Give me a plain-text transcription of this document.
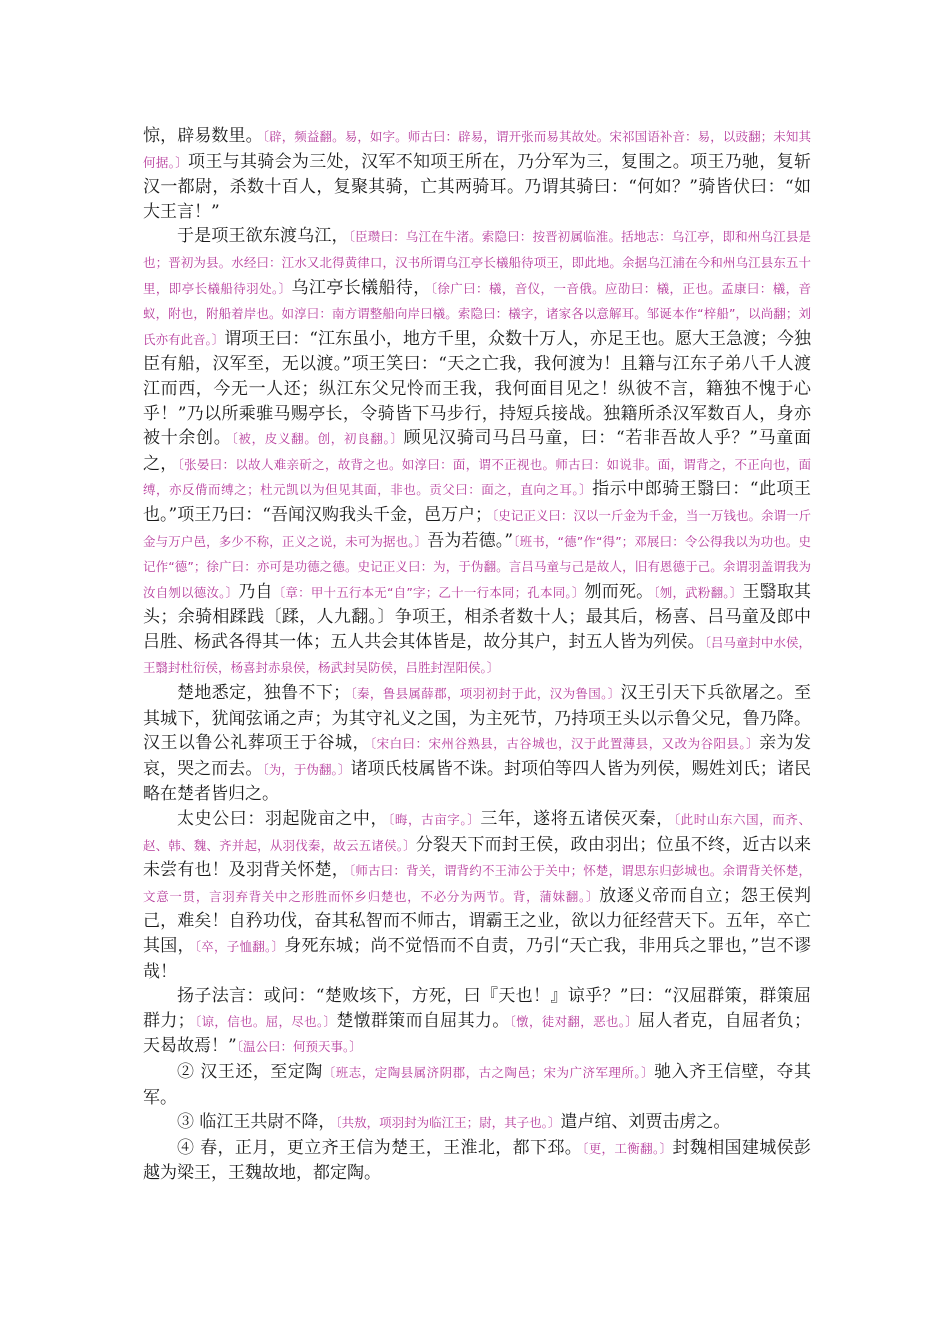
惊，辟易数里。〔辟，频益翻。易，如字。师古曰：辟易，谓开张而易其故处。宋祁国语补音：易，以豉翻；未知其何据。〕项王与其骑会为三处，汉军不知项王所在，乃分军为三，复围之。项王乃驰，复斩汉一都尉，杀数十百人，复聚其骑，亡其两骑耳。乃谓其骑曰：“何如？”骑皆伏曰：“如大王言！”

于是项王欲东渡乌江，〔臣瓒曰：乌江在牛渚。索隐曰：按晋初属临淮。括地志：乌江亭，即和州乌江县是也；晋初为县。水经曰：江水又北得黄律口，汉书所谓乌江亭长檥船待项王，即此地。余据乌江浦在今和州乌江县东五十里，即亭长檥船待羽处。〕乌江亭长檥船待，〔徐广曰：檥，音仪，一音俄。应劭曰：檥，正也。孟康曰：檥，音蚁，附也，附船着岸也。如淳曰：南方谓整船向岸曰檥。索隐曰：檥字，诸家各以意解耳。邹诞本作“梓船”，以尚翻；刘氏亦有此音。〕谓项王曰：“江东虽小，地方千里，众数十万人，亦足王也。愿大王急渡；今独臣有船，汉军至，无以渡。”项王笑曰：“天之亡我，我何渡为！且籍与江东子弟八千人渡江而西，今无一人还；纵江东父兄怜而王我，我何面目见之！纵彼不言，籍独不愧于心乎！”乃以所乘骓马赐亭长，令骑皆下马步行，持短兵接战。独籍所杀汉军数百人，身亦被十余创。〔被，皮义翻。创，初良翻。〕顾见汉骑司马吕马童，曰：“若非吾故人乎？”马童面之，〔张晏曰：以故人难亲斫之，故背之也。如淳曰：面，谓不正视也。师古曰：如说非。面，谓背之，不正向也，面缚，亦反偝而缚之；杜元凯以为但见其面，非也。贡父曰：面之，直向之耳。〕指示中郎骑王翳曰：“此项王也。”项王乃曰：“吾闻汉购我头千金，邑万户；〔史记正义曰：汉以一斤金为千金，当一万钱也。余谓一斤金与万户邑，多少不称，正义之说，未可为据也。〕吾为若德。”〔班书，“德”作“得”；邓展曰：令公得我以为功也。史记作“德”；徐广曰：亦可是功德之德。史记正义曰：为，于伪翻。言吕马童与己是故人，旧有恩德于己。余谓羽盖谓我为汝自刎以德汝。〕乃自〔章：甲十五行本无“自”字；乙十一行本同；孔本同。〕刎而死。〔刎，武粉翻。〕王翳取其头；余骑相蹂践〔蹂，人九翻。〕争项王，相杀者数十人；最其后，杨喜、吕马童及郎中吕胜、杨武各得其一体；五人共会其体皆是，故分其户，封五人皆为列侯。〔吕马童封中水侯，王翳封杜衍侯，杨喜封赤泉侯，杨武封吴防侯，吕胜封涅阳侯。〕

楚地悉定，独鲁不下；〔秦，鲁县属薛郡，项羽初封于此，汉为鲁国。〕汉王引天下兵欲屠之。至其城下，犹闻弦诵之声；为其守礼义之国，为主死节，乃持项王头以示鲁父兄，鲁乃降。汉王以鲁公礼葬项王于谷城，〔宋白曰：宋州谷熟县，古谷城也，汉于此置薄县，又改为谷阳县。〕亲为发哀，哭之而去。〔为，于伪翻。〕诸项氏枝属皆不诛。封项伯等四人皆为列侯，赐姓刘氏；诸民略在楚者皆归之。

太史公曰：羽起陇亩之中，〔晦，古亩字。〕三年，遂将五诸侯灭秦，〔此时山东六国，而齐、赵、韩、魏、齐并起，从羽伐秦，故云五诸侯。〕分裂天下而封王侯，政由羽出；位虽不终，近古以来未尝有也！及羽背关怀楚，〔师古曰：背关，谓背约不王沛公于关中；怀楚，谓思东归彭城也。余谓背关怀楚，文意一贯，言羽弃背关中之形胜而怀乡归楚也，不必分为两节。背，蒲妹翻。〕放逐义帝而自立；怨王侯判己，难矣！自矜功伐，奋其私智而不师古，谓霸王之业，欲以力征经营天下。五年，卒亡其国，〔卒，子恤翻。〕身死东城；尚不觉悟而不自责，乃引“天亡我，非用兵之罪也，”岂不谬哉！

扬子法言：或问：“楚败垓下，方死，曰『天也！』谅乎？”曰：“汉屈群策，群策屈群力；〔谅，信也。屈，尽也。〕楚憞群策而自屈其力。〔憞，徒对翻，恶也。〕屈人者克，自屈者负；天曷故焉！”〔温公曰：何预天事。〕

② 汉王还，至定陶〔班志，定陶县属济阴郡，古之陶邑；宋为广济军理所。〕驰入齐王信壁，夺其军。

③ 临江王共尉不降，〔共敖，项羽封为临江王；尉，其子也。〕遣卢绾、刘贾击虏之。

④ 春，正月，更立齐王信为楚王，王淮北，都下邳。〔更，工衡翻。〕封魏相国建城侯彭越为梁王，王魏故地，都定陶。
